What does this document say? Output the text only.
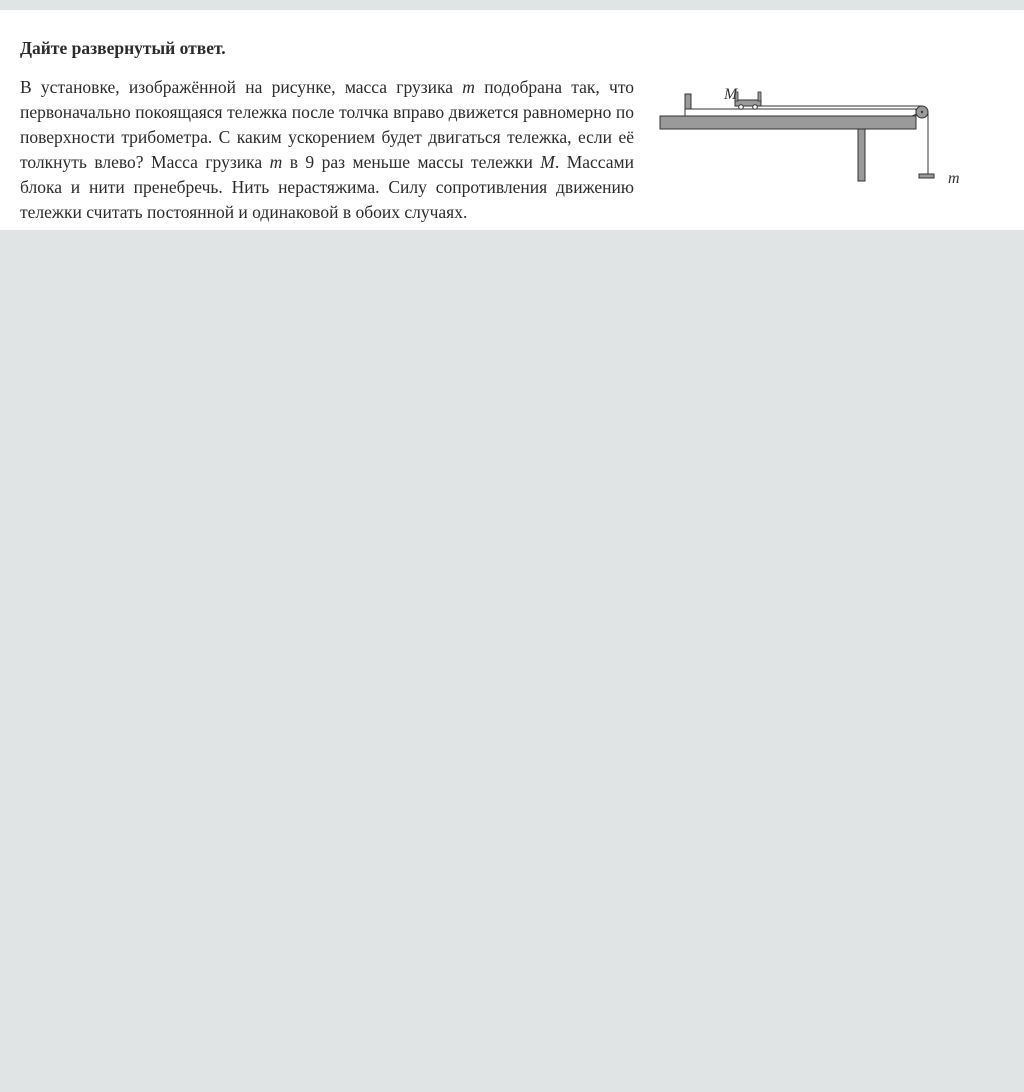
Дайте развернутый ответ.

В установке, изображённой на рисунке, масса грузика m подобрана так, что первоначально покоящаяся тележка после толчка вправо движется равномерно по поверхности трибометра. С каким ускорением будет двигаться тележка, если её толкнуть влево? Масса грузика m в 9 раз меньше массы тележки M. Массами блока и нити пренебречь. Нить нерастяжима. Силу сопротивления движению тележки считать постоянной и одинаковой в обоих случаях.

M
m
